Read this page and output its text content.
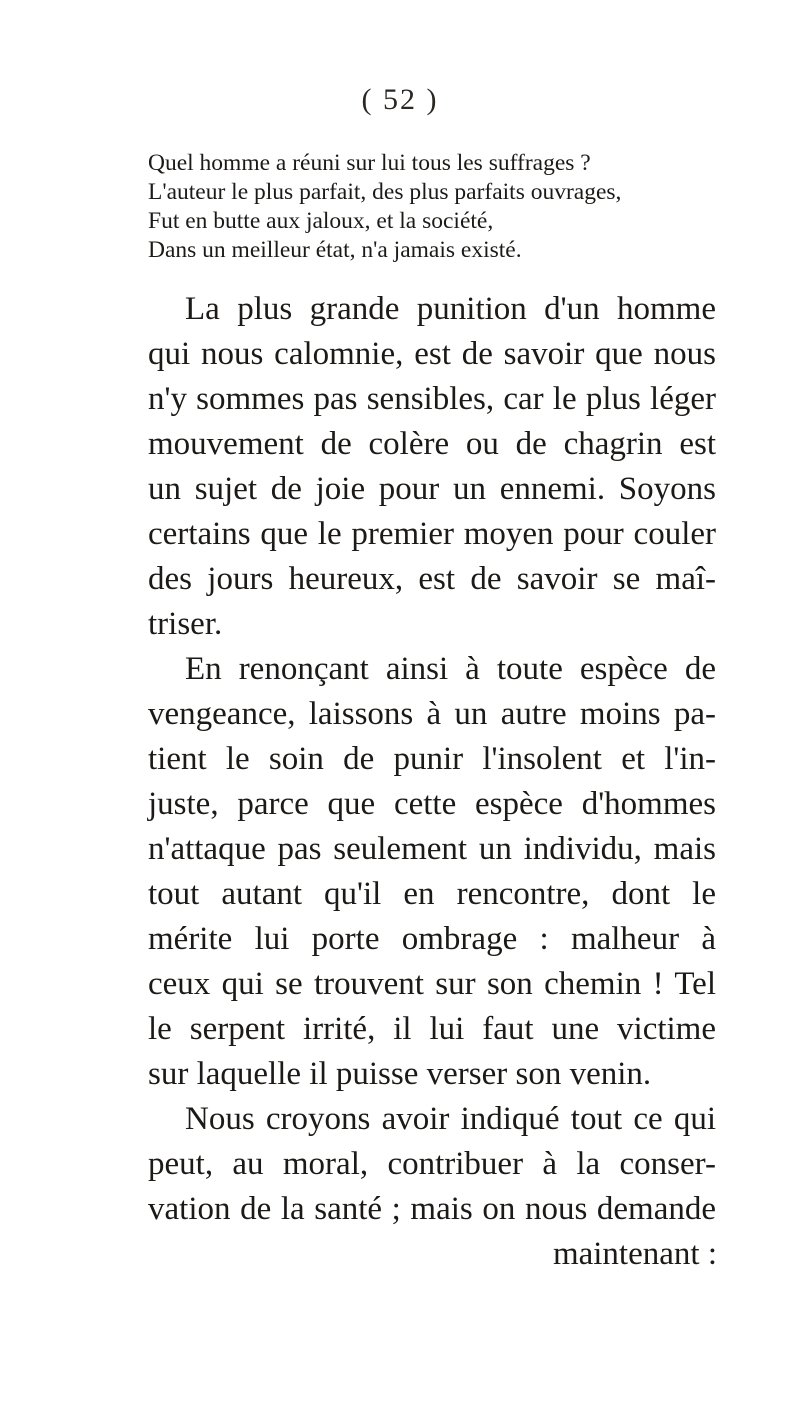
( 52 )

Quel homme a réuni sur lui tous les suffrages ?

L'auteur le plus parfait, des plus parfaits ouvrages,

Fut en butte aux jaloux, et la société,

Dans un meilleur état, n'a jamais existé.

La plus grande punition d'un homme

qui nous calomnie, est de savoir que nous

n'y sommes pas sensibles, car le plus léger

mouvement de colère ou de chagrin est

un sujet de joie pour un ennemi. Soyons

certains que le premier moyen pour couler

des jours heureux, est de savoir se maî-

triser.

En renonçant ainsi à toute espèce de

vengeance, laissons à un autre moins pa-

tient le soin de punir l'insolent et l'in-

juste, parce que cette espèce d'hommes

n'attaque pas seulement un individu, mais

tout autant qu'il en rencontre, dont le

mérite lui porte ombrage : malheur à

ceux qui se trouvent sur son chemin ! Tel

le serpent irrité, il lui faut une victime

sur laquelle il puisse verser son venin.

Nous croyons avoir indiqué tout ce qui

peut, au moral, contribuer à la conser-

vation de la santé ; mais on nous demande

maintenant :
